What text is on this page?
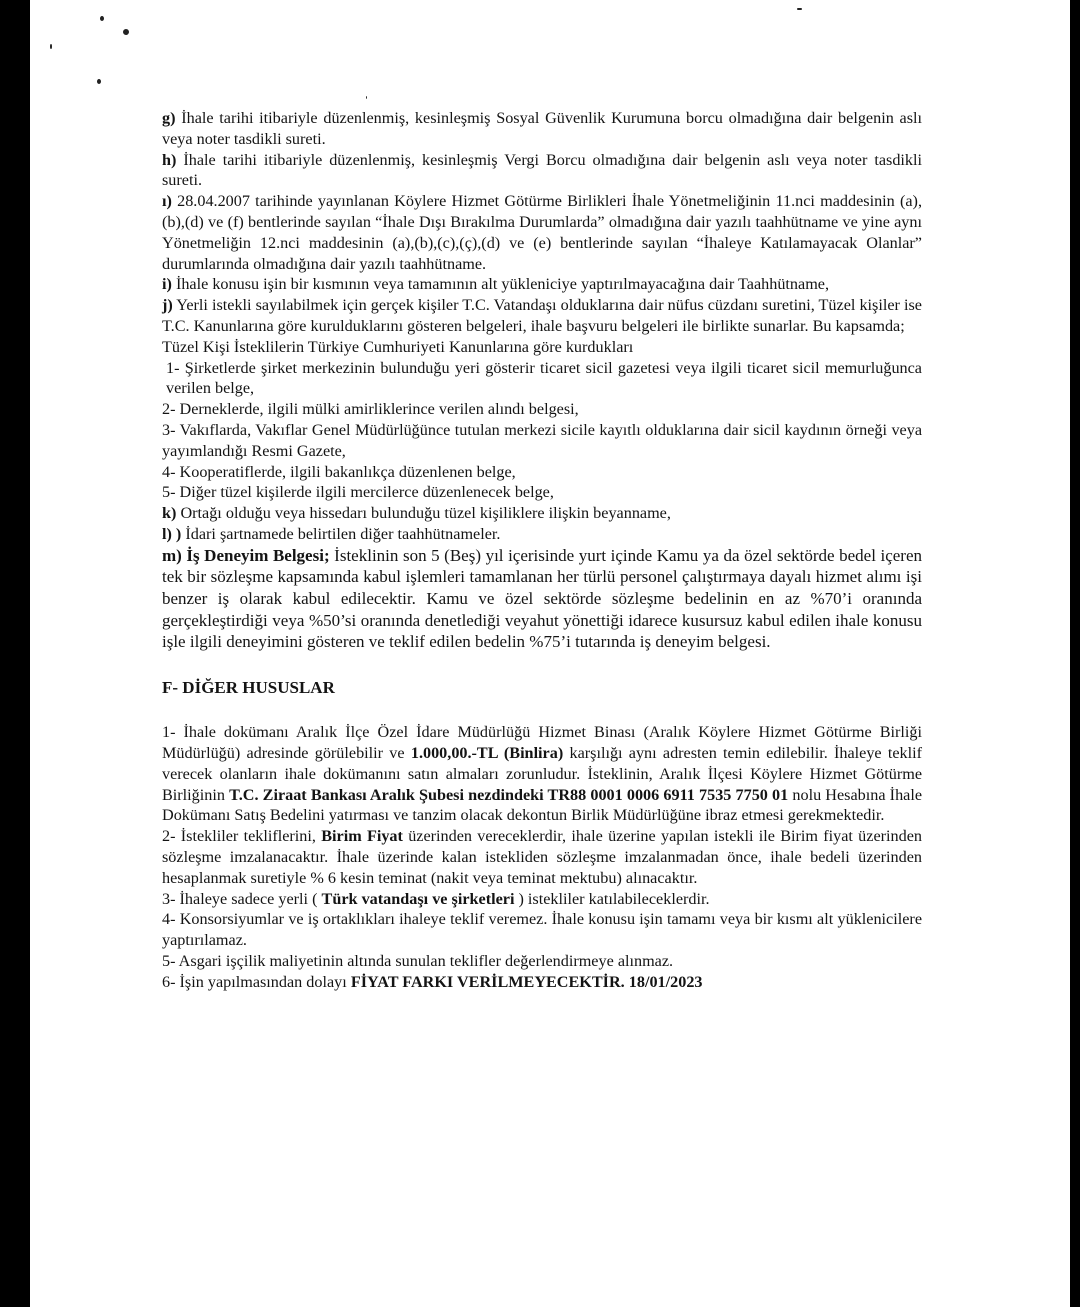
g) İhale tarihi itibariyle düzenlenmiş, kesinleşmiş Sosyal Güvenlik Kurumuna borcu olmadığına dair belgenin aslı veya noter tasdikli sureti.

h) İhale tarihi itibariyle düzenlenmiş, kesinleşmiş Vergi Borcu olmadığına dair belgenin aslı veya noter tasdikli sureti.

ı) 28.04.2007 tarihinde yayınlanan Köylere Hizmet Götürme Birlikleri İhale Yönetmeliğinin 11.nci maddesinin (a),(b),(d) ve (f) bentlerinde sayılan “İhale Dışı Bırakılma Durumlarda” olmadığına dair yazılı taahhütname ve yine aynı Yönetmeliğin 12.nci maddesinin (a),(b),(c),(ç),(d) ve (e) bentlerinde sayılan “İhaleye Katılamayacak Olanlar” durumlarında olmadığına dair yazılı taahhütname.

i) İhale konusu işin bir kısmının veya tamamının alt yükleniciye yaptırılmayacağına dair Taahhütname,

j) Yerli istekli sayılabilmek için gerçek kişiler T.C. Vatandaşı olduklarına dair nüfus cüzdanı suretini, Tüzel kişiler ise T.C. Kanunlarına göre kurulduklarını gösteren belgeleri, ihale başvuru belgeleri ile birlikte sunarlar. Bu kapsamda;

Tüzel Kişi İsteklilerin Türkiye Cumhuriyeti Kanunlarına göre kurdukları

1- Şirketlerde şirket merkezinin bulunduğu yeri gösterir ticaret sicil gazetesi veya ilgili ticaret sicil memurluğunca verilen belge,

2- Derneklerde, ilgili mülki amirliklerince verilen alındı belgesi,

3- Vakıflarda, Vakıflar Genel Müdürlüğünce tutulan merkezi sicile kayıtlı olduklarına dair sicil kaydının örneği veya yayımlandığı Resmi Gazete,

4- Kooperatiflerde, ilgili bakanlıkça düzenlenen belge,

5- Diğer tüzel kişilerde ilgili mercilerce düzenlenecek belge,

k) Ortağı olduğu veya hissedarı bulunduğu tüzel kişiliklere ilişkin beyanname,

l) ) İdari şartnamede belirtilen diğer taahhütnameler.

m) İş Deneyim Belgesi; İsteklinin son 5 (Beş) yıl içerisinde yurt içinde Kamu ya da özel sektörde bedel içeren tek bir sözleşme kapsamında kabul işlemleri tamamlanan her türlü personel çalıştırmaya dayalı hizmet alımı işi benzer iş olarak kabul edilecektir. Kamu ve özel sektörde sözleşme bedelinin en az %70’i oranında gerçekleştirdiği veya %50’si oranında denetlediği veyahut yönettiği idarece kusursuz kabul edilen ihale konusu işle ilgili deneyimini gösteren ve teklif edilen bedelin %75’i tutarında iş deneyim belgesi.

F- DİĞER HUSUSLAR

1- İhale dokümanı Aralık İlçe Özel İdare Müdürlüğü Hizmet Binası (Aralık Köylere Hizmet Götürme Birliği Müdürlüğü) adresinde görülebilir ve 1.000,00.-TL (Binlira) karşılığı aynı adresten temin edilebilir. İhaleye teklif verecek olanların ihale dokümanını satın almaları zorunludur. İsteklinin, Aralık İlçesi Köylere Hizmet Götürme Birliğinin T.C. Ziraat Bankası Aralık Şubesi nezdindeki TR88 0001 0006 6911 7535 7750 01 nolu Hesabına İhale Dokümanı Satış Bedelini yatırması ve tanzim olacak dekontun Birlik Müdürlüğüne ibraz etmesi gerekmektedir.

2- İstekliler tekliflerini, Birim Fiyat üzerinden vereceklerdir, ihale üzerine yapılan istekli ile Birim fiyat üzerinden sözleşme imzalanacaktır. İhale üzerinde kalan istekliden sözleşme imzalanmadan önce, ihale bedeli üzerinden hesaplanmak suretiyle % 6 kesin teminat (nakit veya teminat mektubu) alınacaktır.

3- İhaleye sadece yerli ( Türk vatandaşı ve şirketleri ) istekliler katılabileceklerdir.

4- Konsorsiyumlar ve iş ortaklıkları ihaleye teklif veremez. İhale konusu işin tamamı veya bir kısmı alt yüklenicilere yaptırılamaz.

5- Asgari işçilik maliyetinin altında sunulan teklifler değerlendirmeye alınmaz.

6- İşin yapılmasından dolayı FİYAT FARKI VERİLMEYECEKTİR. 18/01/2023
